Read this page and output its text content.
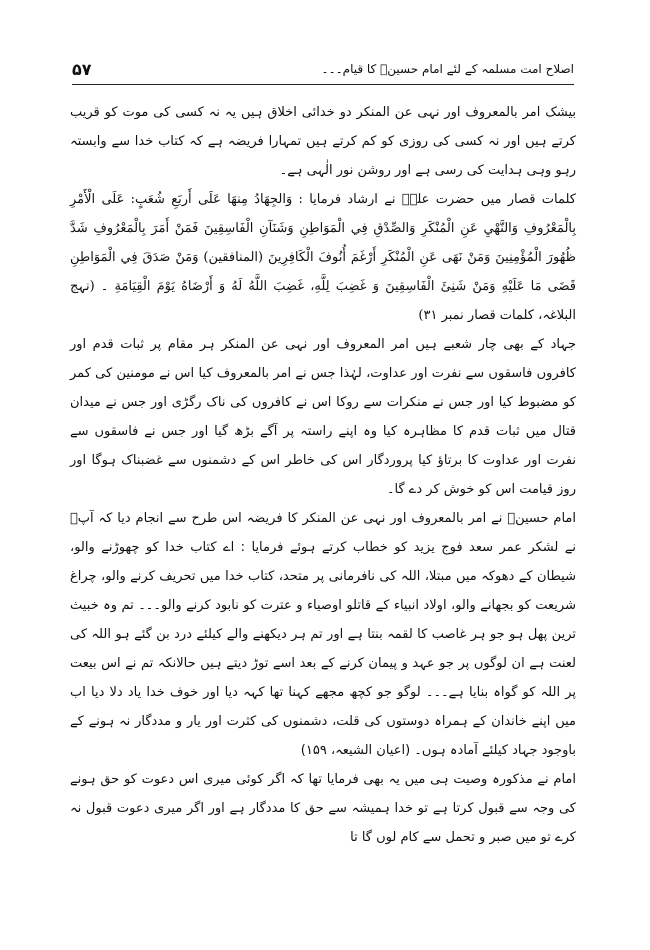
۵۷	اصلاح امت مسلمہ کے لئے امام حسینؑ کا قیام۔۔۔

بیشک امر بالمعروف اور نہی عن المنکر دو خدائی اخلاق ہیں یہ نہ کسی کی موت کو قریب کرتے ہیں اور نہ کسی کی روزی کو کم کرتے ہیں تمہارا فریضہ ہے کہ کتاب خدا سے وابستہ رہو وہی ہدایت کی رسی ہے اور روشن نور الٰہی ہے۔

کلمات قصار میں حضرت علیؑ نے ارشاد فرمایا : وَالجِهَادُ مِنهَا عَلَى أَربَعِ شُعَبٍ: عَلَى الْأَمْرِ بِالْمَعْرُوفِ وَالنَّهْيِ عَنِ الْمُنْكَرِ وَالصِّدْقِ فِي الْمَوَاطِنِ وَشَنَآنِ الْفَاسِقِينَ فَمَنْ أَمَرَ بِالْمَعْرُوفِ شَدَّ ظُهُورَ الْمُؤْمِنِينَ وَمَنْ نَهَى عَنِ الْمُنْكَرِ أَرْغَمَ أُنُوفَ الْكَافِرِينَ (المنافقين) وَمَنْ صَدَقَ فِي الْمَوَاطِنِ قَضَى مَا عَلَيْهِ وَمَنْ شَنِئَ الْفَاسِقِينَ وَ غَضِبَ لِلَّهِ، غَضِبَ اللَّهُ لَهُ وَ أَرْضَاهُ يَوْمَ الْقِيَامَةِ ۔ (نہج البلاغہ، کلمات قصار نمبر ۳۱)

جہاد کے بھی چار شعبے ہیں امر المعروف اور نہی عن المنکر ہر مقام پر ثبات قدم اور کافروں فاسقوں سے نفرت اور عداوت، لہٰذا جس نے امر بالمعروف کیا اس نے مومنین کی کمر کو مضبوط کیا اور جس نے منکرات سے روکا اس نے کافروں کی ناک رگڑی اور جس نے میدان قتال میں ثبات قدم کا مظاہرہ کیا وہ اپنے راستہ پر آگے بڑھ گیا اور جس نے فاسقوں سے نفرت اور عداوت کا برتاؤ کیا پروردگار اس کی خاطر اس کے دشمنوں سے غضبناک ہوگا اور روز قیامت اس کو خوش کر دے گا۔

امام حسینؑ نے امر بالمعروف اور نہی عن المنکر کا فریضہ اس طرح سے انجام دیا کہ آپؑ نے لشکر عمر سعد فوج یزید کو خطاب کرتے ہوئے فرمایا : اے کتاب خدا کو چھوڑنے والو، شیطان کے دھوکہ میں مبتلا، اللہ کی نافرمانی پر متحد، کتاب خدا میں تحریف کرنے والو، چراغ شریعت کو بجھانے والو، اولاد انبیاء کے قاتلو اوصیاء و عترت کو نابود کرنے والو۔۔۔ تم وہ خبیث ترین پھل ہو جو ہر غاصب کا لقمہ بنتا ہے اور تم ہر دیکھنے والے کیلئے درد بن گئے ہو اللہ کی لعنت ہے ان لوگوں پر جو عہد و پیمان کرنے کے بعد اسے توڑ دیتے ہیں حالانکہ تم نے اس بیعت پر اللہ کو گواہ بنایا ہے۔۔۔ لوگو جو کچھ مجھے کہنا تھا کہہ دیا اور خوف خدا یاد دلا دیا اب میں اپنے خاندان کے ہمراہ دوستوں کی قلت، دشمنوں کی کثرت اور یار و مددگار نہ ہونے کے باوجود جہاد کیلئے آمادہ ہوں۔ (اعیان الشیعہ، ۱۵۹)

امام نے مذکورہ وصیت ہی میں یہ بھی فرمایا تھا کہ اگر کوئی میری اس دعوت کو حق ہونے کی وجہ سے قبول کرتا ہے تو خدا ہمیشہ سے حق کا مددگار ہے اور اگر میری دعوت قبول نہ کرے تو میں صبر و تحمل سے کام لوں گا تا
